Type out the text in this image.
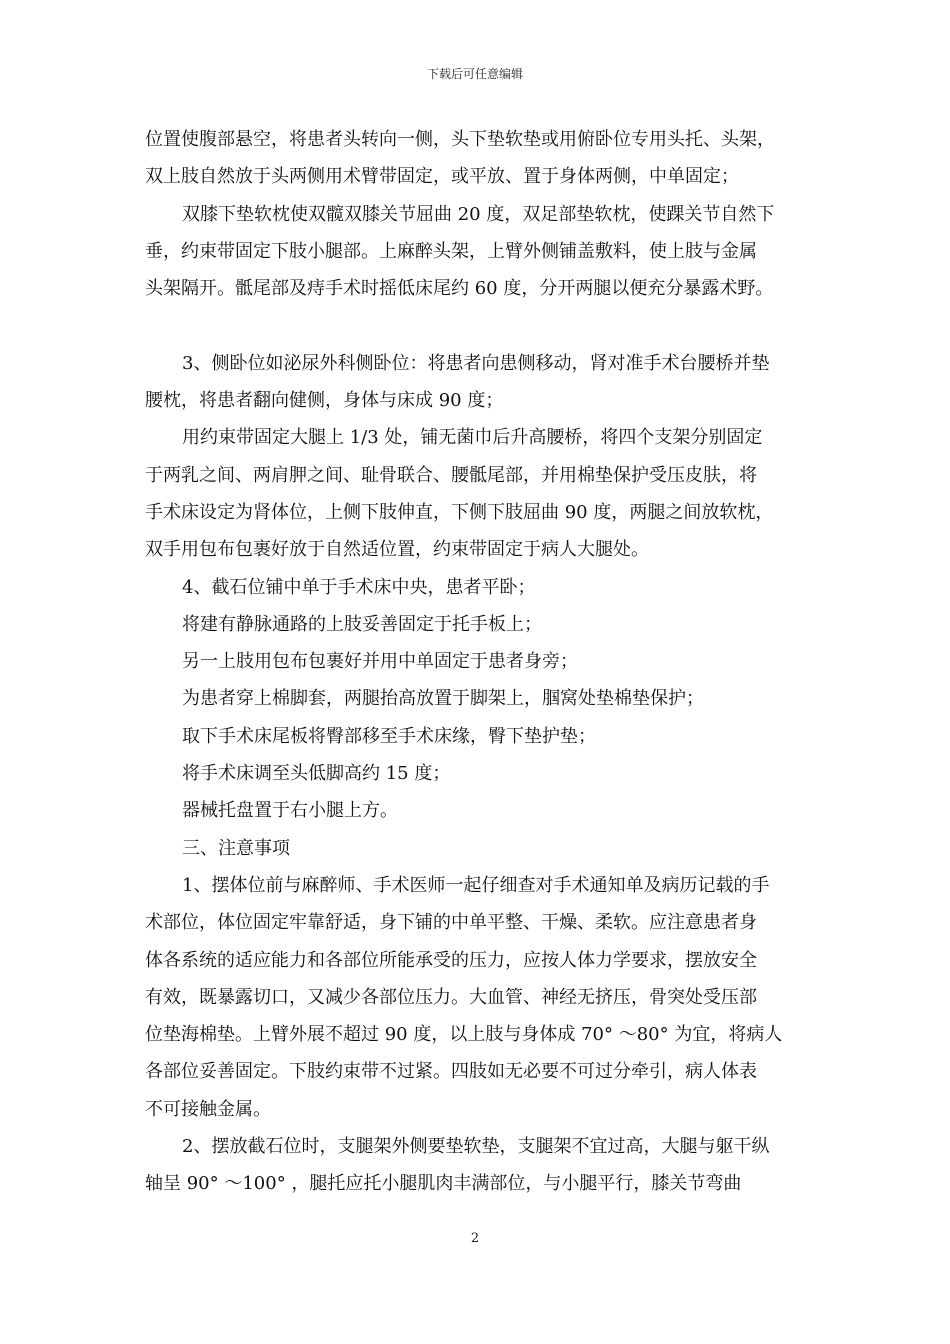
下载后可任意编辑
位置使腹部悬空，将患者头转向一侧，头下垫软垫或用俯卧位专用头托、头架，
双上肢自然放于头两侧用术臂带固定，或平放、置于身体两侧，中单固定；
双膝下垫软枕使双髋双膝关节屈曲 20 度，双足部垫软枕，使踝关节自然下
垂，约束带固定下肢小腿部。上麻醉头架，上臂外侧铺盖敷料，使上肢与金属
头架隔开。骶尾部及痔手术时摇低床尾约 60 度，分开两腿以便充分暴露术野。
3、侧卧位如泌尿外科侧卧位：将患者向患侧移动，肾对准手术台腰桥并垫
腰枕，将患者翻向健侧，身体与床成 90 度；
用约束带固定大腿上 1/3 处，铺无菌巾后升高腰桥，将四个支架分别固定
于两乳之间、两肩胛之间、耻骨联合、腰骶尾部，并用棉垫保护受压皮肤，将
手术床设定为肾体位，上侧下肢伸直，下侧下肢屈曲 90 度，两腿之间放软枕，
双手用包布包裹好放于自然适位置，约束带固定于病人大腿处。
4、截石位铺中单于手术床中央，患者平卧；
将建有静脉通路的上肢妥善固定于托手板上；
另一上肢用包布包裹好并用中单固定于患者身旁；
为患者穿上棉脚套，两腿抬高放置于脚架上，腘窝处垫棉垫保护；
取下手术床尾板将臀部移至手术床缘，臀下垫护垫；
将手术床调至头低脚高约 15 度；
器械托盘置于右小腿上方。
三、注意事项
1、摆体位前与麻醉师、手术医师一起仔细查对手术通知单及病历记载的手
术部位，体位固定牢靠舒适，身下铺的中单平整、干燥、柔软。应注意患者身
体各系统的适应能力和各部位所能承受的压力，应按人体力学要求，摆放安全
有效，既暴露切口，又减少各部位压力。大血管、神经无挤压，骨突处受压部
位垫海棉垫。上臂外展不超过 90 度，以上肢与身体成 70° ～80° 为宜，将病人
各部位妥善固定。下肢约束带不过紧。四肢如无必要不可过分牵引，病人体表
不可接触金属。
2、摆放截石位时，支腿架外侧要垫软垫，支腿架不宜过高，大腿与躯干纵
轴呈 90° ～100° ，腿托应托小腿肌肉丰满部位，与小腿平行，膝关节弯曲
2
